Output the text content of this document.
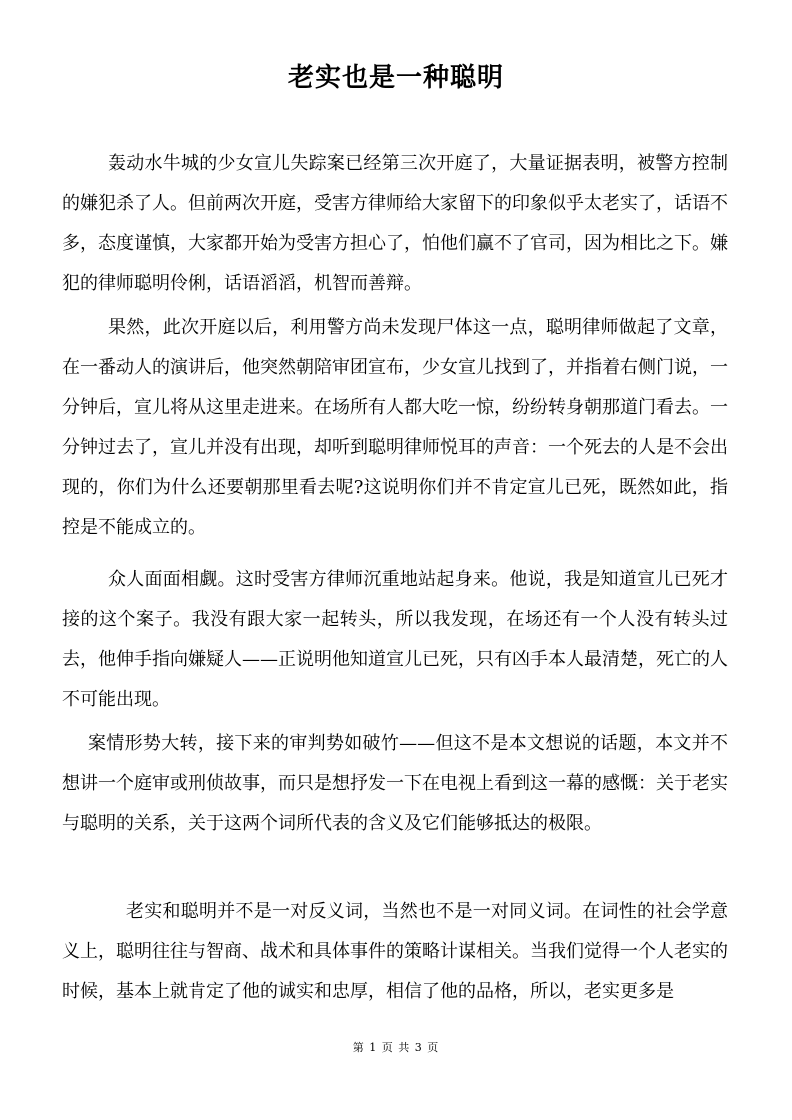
老实也是一种聪明

轰动水牛城的少女宣儿失踪案已经第三次开庭了，大量证据表明，被警方控制的嫌犯杀了人。但前两次开庭，受害方律师给大家留下的印象似乎太老实了，话语不多，态度谨慎，大家都开始为受害方担心了，怕他们赢不了官司，因为相比之下。嫌犯的律师聪明伶俐，话语滔滔，机智而善辩。

果然，此次开庭以后，利用警方尚未发现尸体这一点，聪明律师做起了文章，在一番动人的演讲后，他突然朝陪审团宣布，少女宣儿找到了，并指着右侧门说，一分钟后，宣儿将从这里走进来。在场所有人都大吃一惊，纷纷转身朝那道门看去。一分钟过去了，宣儿并没有出现，却听到聪明律师悦耳的声音：一个死去的人是不会出现的，你们为什么还要朝那里看去呢?这说明你们并不肯定宣儿已死，既然如此，指控是不能成立的。

众人面面相觑。这时受害方律师沉重地站起身来。他说，我是知道宣儿已死才接的这个案子。我没有跟大家一起转头，所以我发现，在场还有一个人没有转头过去，他伸手指向嫌疑人——正说明他知道宣儿已死，只有凶手本人最清楚，死亡的人不可能出现。

案情形势大转，接下来的审判势如破竹——但这不是本文想说的话题，本文并不想讲一个庭审或刑侦故事，而只是想抒发一下在电视上看到这一幕的感慨：关于老实与聪明的关系，关于这两个词所代表的含义及它们能够抵达的极限。

老实和聪明并不是一对反义词，当然也不是一对同义词。在词性的社会学意义上，聪明往往与智商、战术和具体事件的策略计谋相关。当我们觉得一个人老实的时候，基本上就肯定了他的诚实和忠厚，相信了他的品格，所以，老实更多是

第 1 页 共 3 页
